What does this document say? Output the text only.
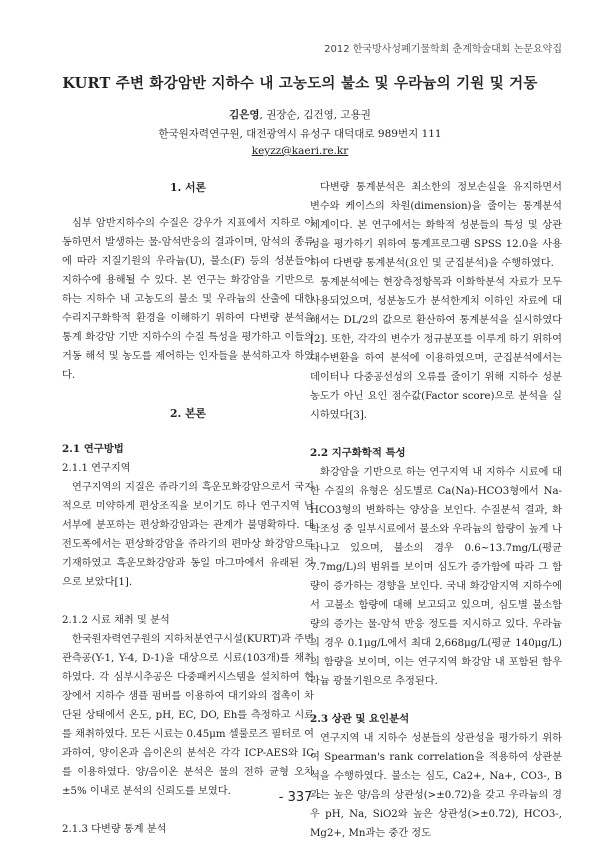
2012 한국방사성폐기물학회 춘계학술대회 논문요약집
KURT 주변 화강암반 지하수 내 고농도의 불소 및 우라늄의 기원 및 거동
김은영, 권장순, 김건영, 고용권
한국원자력연구원, 대전광역시 유성구 대덕대로 989번지 111
keyzz@kaeri.re.kr
1. 서론

심부 암반지하수의 수질은 강우가 지표에서 지하로 이동하면서 발생하는 물-암석반응의 결과이며, 암석의 종류에 따라 지질기원의 우라늄(U), 불소(F) 등의 성분들이 지하수에 용해될 수 있다. 본 연구는 화강암을 기반으로 하는 지하수 내 고농도의 불소 및 우라늄의 산출에 대한 수리지구화학적 환경을 이해하기 위하여 다변량 분석을 통계 화강암 기반 지하수의 수질 특성을 평가하고 이들의 거동 해석 및 농도를 제어하는 인자들을 분석하고자 하였다.

2. 본론
2.1 연구방법
2.1.1 연구지역

연구지역의 지질은 쥬라기의 흑운모화강암으로서 국지적으로 미약하게 편상조직을 보이기도 하나 연구지역 남서부에 분포하는 편상화강암과는 관계가 불명확하다. 대전도폭에서는 편상화강암을 쥬라기의 편마상 화강암으로 기재하였고 흑운모화강암과 동일 마그마에서 유래된 것으로 보았다[1].

2.1.2 시료 채취 및 분석

한국원자력연구원의 지하처분연구시설(KURT)과 주변 관측공(Y-1, Y-4, D-1)을 대상으로 시료(103개)를 채취하였다. 각 심부시추공은 다중패커시스템을 설치하여 현장에서 지하수 샘플 펌버를 이용하여 대기와의 접촉이 차단된 상태에서 온도, pH, EC, DO, Eh를 측정하고 시료를 채취하였다. 모든 시료는 0.45μm 셀룰로즈 필터로 여과하여, 양이온과 음이온의 분석은 각각 ICP-AES와 IC를 이용하였다. 양/음이온 분석은 물의 전하 균형 오차 ±5% 이내로 분석의 신뢰도를 보였다.

2.1.3 다변량 통계 분석

다변량 통계분석은 최소한의 정보손실을 유지하면서 변수와 케이스의 차원(dimension)을 줄이는 통계분석 체계이다. 본 연구에서는 화학적 성분들의 특성 및 상관성을 평가하기 위하여 통계프로그램 SPSS 12.0을 사용하여 다변량 통계분석(요인 및 군집분석)을 수행하였다.

통계분석에는 현장측정항목과 이화학분석 자료가 모두 사용되었으며, 성분농도가 분석한계치 이하인 자료에 대해서는 DL/2의 값으로 환산하여 통계분석을 실시하였다[2]. 또한, 각각의 변수가 정규분포를 이루게 하기 위하여 대수변환을 하여 분석에 이용하였으며, 군집분석에서는 데이터나 다중공선성의 오류를 줄이기 위해 지하수 성분농도가 아닌 요인 점수값(Factor score)으로 분석을 실시하였다[3].

2.2 지구화학적 특성

화강암을 기반으로 하는 연구지역 내 지하수 시료에 대한 수질의 유형은 심도별로 Ca(Na)-HCO3형에서 Na-HCO3형의 변화하는 양상을 보인다. 수질분석 결과, 화학조성 중 일부시료에서 불소와 우라늄의 함량이 높게 나타나고 있으며, 불소의 경우 0.6~13.7mg/L(평균 7.7mg/L)의 범위를 보이며 심도가 증가함에 따라 그 함량이 증가하는 경향을 보인다. 국내 화강암지역 지하수에서 고불소 함량에 대해 보고되고 있으며, 심도별 불소함량의 증가는 물-암석 반응 정도를 지시하고 있다. 우라늄의 경우 0.1μg/L에서 최대 2,668μg/L(평균 140μg/L)의 함량을 보이며, 이는 연구지역 화강암 내 포함된 함우라늄 광물기원으로 추정된다.

2.3 상관 및 요인분석

연구지역 내 지하수 성분들의 상관성을 평가하기 위하여 Spearman's rank correlation을 적용하여 상관분석을 수행하였다. 불소는 심도, Ca2+, Na+, CO3-, B 과는 높은 양/음의 상관성(>±0.72)을 갖고 우라늄의 경우 pH, Na, SiO2와 높은 상관성(>±0.72), HCO3-, Mg2+, Mn과는 중간 정도

- 337 -
